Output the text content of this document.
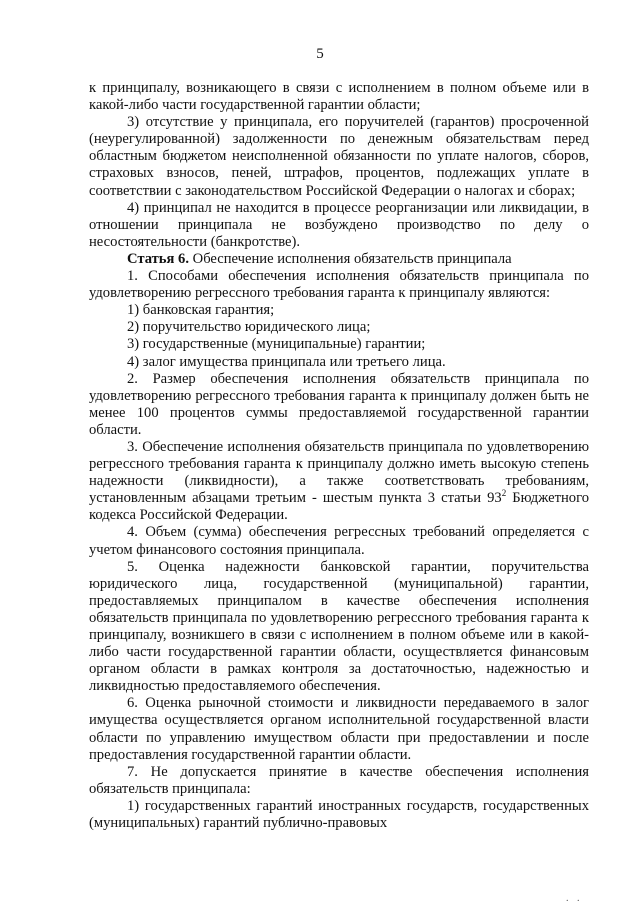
5

к принципалу, возникающего в связи с исполнением в полном объеме или в какой-либо части государственной гарантии области;

3) отсутствие у принципала, его поручителей (гарантов) просроченной (неурегулированной) задолженности по денежным обязательствам перед областным бюджетом неисполненной обязанности по уплате налогов, сборов, страховых взносов, пеней, штрафов, процентов, подлежащих уплате в соответствии с законодательством Российской Федерации о налогах и сборах;

4) принципал не находится в процессе реорганизации или ликвидации, в отношении принципала не возбуждено производство по делу о несостоятельности (банкротстве).

Статья 6. Обеспечение исполнения обязательств принципала

1. Способами обеспечения исполнения обязательств принципала по удовлетворению регрессного требования гаранта к принципалу являются:

1) банковская гарантия;

2) поручительство юридического лица;

3) государственные (муниципальные) гарантии;

4) залог имущества принципала или третьего лица.

2. Размер обеспечения исполнения обязательств принципала по удовлетворению регрессного требования гаранта к принципалу должен быть не менее 100 процентов суммы предоставляемой государственной гарантии области.

3. Обеспечение исполнения обязательств принципала по удовлетворению регрессного требования гаранта к принципалу должно иметь высокую степень надежности (ликвидности), а также соответствовать требованиям, установленным абзацами третьим - шестым пункта 3 статьи $93^2$ Бюджетного кодекса Российской Федерации.

4. Объем (сумма) обеспечения регрессных требований определяется с учетом финансового состояния принципала.

5. Оценка надежности банковской гарантии, поручительства юридического лица, государственной (муниципальной) гарантии, предоставляемых принципалом в качестве обеспечения исполнения обязательств принципала по удовлетворению регрессного требования гаранта к принципалу, возникшего в связи с исполнением в полном объеме или в какой-либо части государственной гарантии области, осуществляется финансовым органом области в рамках контроля за достаточностью, надежностью и ликвидностью предоставляемого обеспечения.

6. Оценка рыночной стоимости и ликвидности передаваемого в залог имущества осуществляется органом исполнительной государственной власти области по управлению имуществом области при предоставлении и после предоставления государственной гарантии области.

7. Не допускается принятие в качестве обеспечения исполнения обязательств принципала:

1) государственных гарантий иностранных государств, государственных (муниципальных) гарантий публично-правовых

. .
